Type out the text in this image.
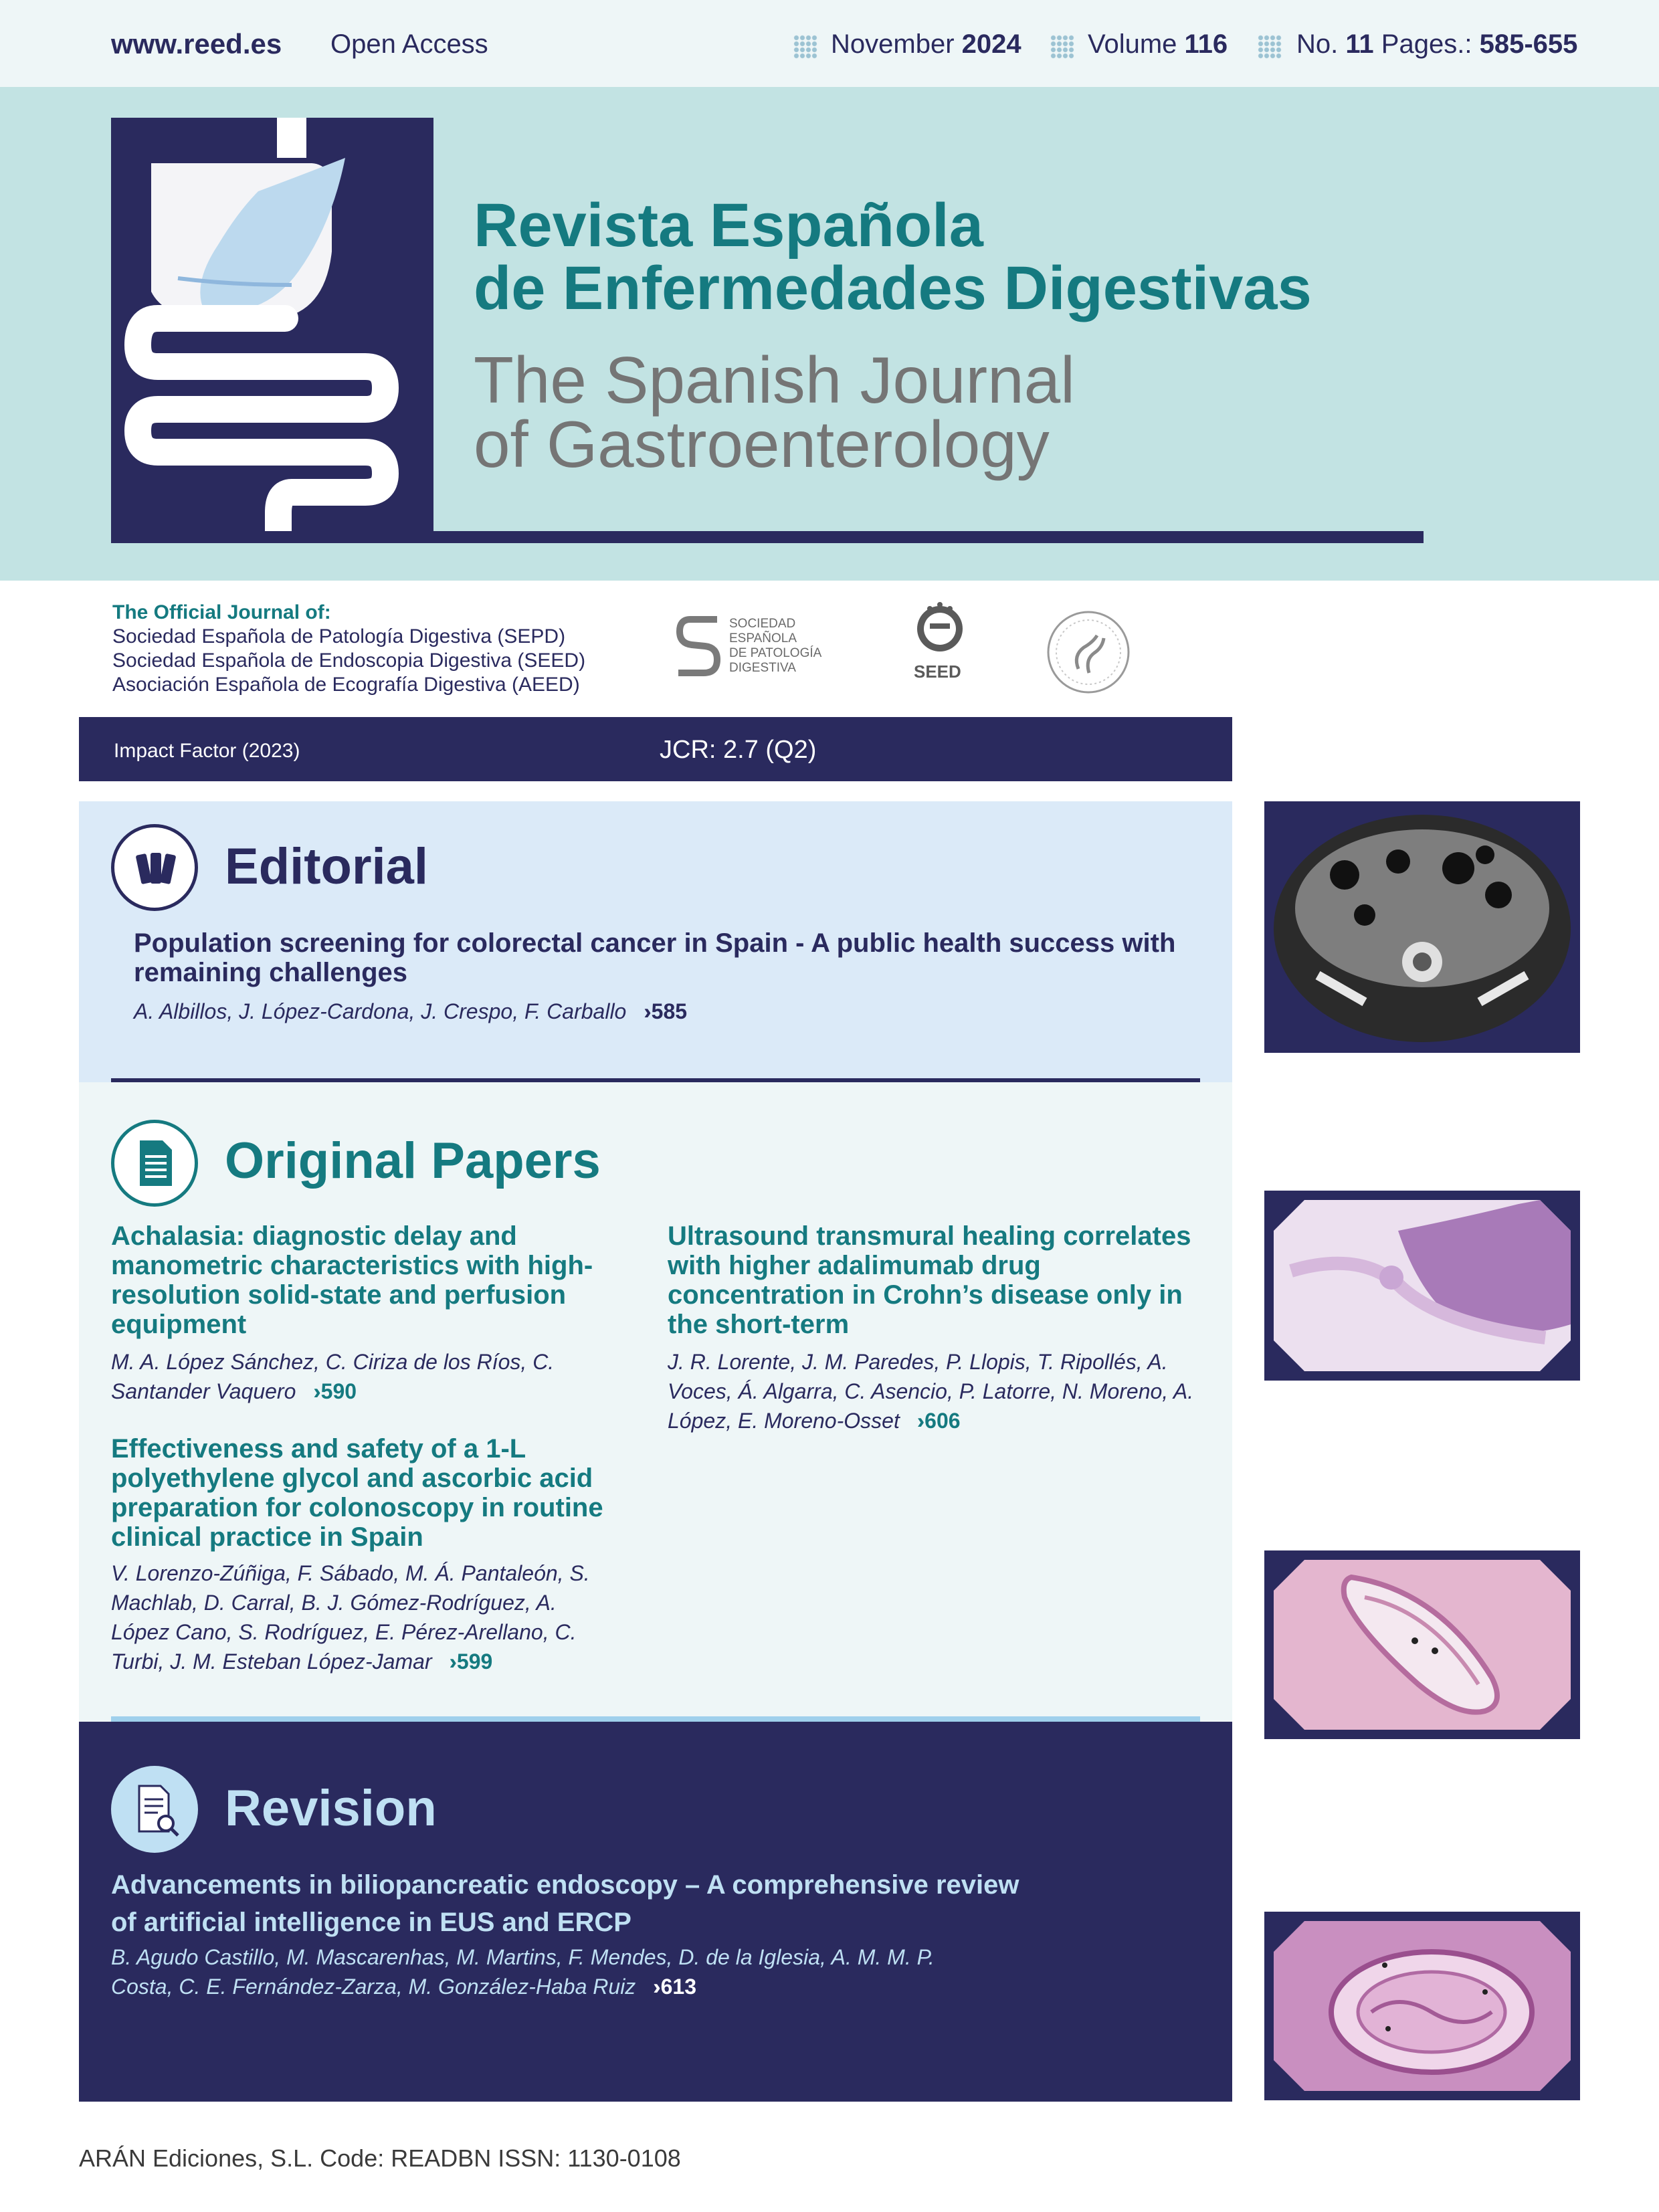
www.reed.es Open Access	November 2024 Volume 116	No. 11 Pages.: 585-655
Revista Española
de Enfermedades Digestivas
The Spanish Journal
of Gastroenterology
The Official Journal of:
Sociedad Española de Patología Digestiva (SEPD)
Sociedad Española de Endoscopia Digestiva (SEED)
Asociación Española de Ecografía Digestiva (AEED)
SOCIEDAD
ESPAÑOLA
DE PATOLOGÍA
DIGESTIVA	SEED
Impact Factor (2023)	JCR: 2.7 (Q2)
Editorial
Population screening for colorectal cancer in Spain - A public health success with remaining challenges
A. Albillos, J. López-Cardona, J. Crespo, F. Carballo ›› 585
Original Papers
Achalasia: diagnostic delay and manometric characteristics with high-resolution solid-state and perfusion equipment
M. A. López Sánchez, C. Ciriza de los Ríos, C. Santander Vaquero ›› 590
Effectiveness and safety of a 1-L polyethylene glycol and ascorbic acid preparation for colonoscopy in routine clinical practice in Spain
V. Lorenzo-Zúñiga, F. Sábado, M. Á. Pantaleón, S. Machlab, D. Carral, B. J. Gómez-Rodríguez, A. López Cano, S. Rodríguez, E. Pérez-Arellano, C. Turbi, J. M. Esteban López-Jamar ›› 599
Ultrasound transmural healing correlates with higher adalimumab drug concentration in Crohn’s disease only in the short-term
J. R. Lorente, J. M. Paredes, P. Llopis, T. Ripollés, A. Voces, Á. Algarra, C. Asencio, P. Latorre, N. Moreno, A. López, E. Moreno-Osset ›› 606
Revision
Advancements in biliopancreatic endoscopy – A comprehensive review of artificial intelligence in EUS and ERCP
B. Agudo Castillo, M. Mascarenhas, M. Martins, F. Mendes, D. de la Iglesia, A. M. M. P. Costa, C. E. Fernández-Zarza, M. González-Haba Ruiz ›› 613
ARÁN Ediciones, S.L. Code: READBN ISSN: 1130-0108
